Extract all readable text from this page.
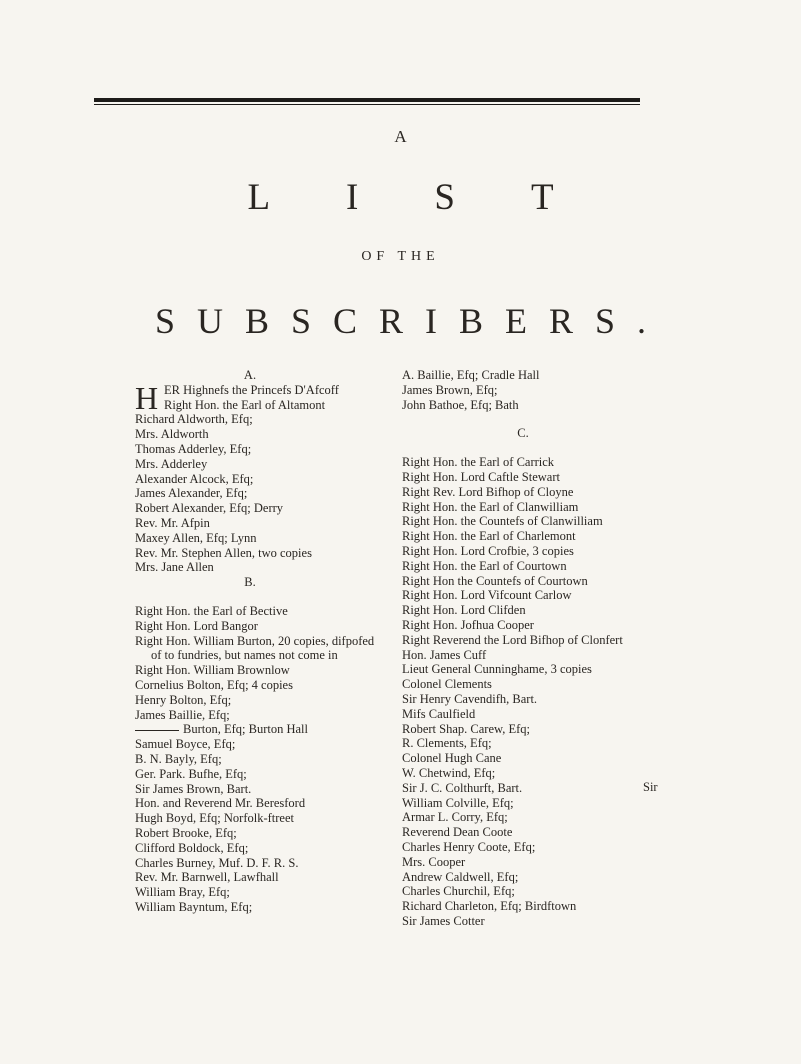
A
LIST
OF THE
SUBSCRIBERS.
A.
H ER Highnefs the Princefs D'Afcoff
Right Hon. the Earl of Altamont
Richard Aldworth, Efq;
Mrs. Aldworth
Thomas Adderley, Efq;
Mrs. Adderley
Alexander Alcock, Efq;
James Alexander, Efq;
Robert Alexander, Efq; Derry
Rev. Mr. Afpin
Maxey Allen, Efq; Lynn
Rev. Mr. Stephen Allen, two copies
Mrs. Jane Allen
B.
Right Hon. the Earl of Bective
Right Hon. Lord Bangor
Right Hon. William Burton, 20 copies, difpofed
of to fundries, but names not come in
Right Hon. William Brownlow
Cornelius Bolton, Efq; 4 copies
Henry Bolton, Efq;
James Baillie, Efq;
Burton, Efq; Burton Hall
Samuel Boyce, Efq;
B. N. Bayly, Efq;
Ger. Park. Bufhe, Efq;
Sir James Brown, Bart.
Hon. and Reverend Mr. Beresford
Hugh Boyd, Efq; Norfolk-ftreet
Robert Brooke, Efq;
Clifford Boldock, Efq;
Charles Burney, Muf. D. F. R. S.
Rev. Mr. Barnwell, Lawfhall
William Bray, Efq;
William Bayntum, Efq;
A. Baillie, Efq; Cradle Hall
James Brown, Efq;
John Bathoe, Efq; Bath
C.
Right Hon. the Earl of Carrick
Right Hon. Lord Caftle Stewart
Right Rev. Lord Bifhop of Cloyne
Right Hon. the Earl of Clanwilliam
Right Hon. the Countefs of Clanwilliam
Right Hon. the Earl of Charlemont
Right Hon. Lord Crofbie, 3 copies
Right Hon. the Earl of Courtown
Right Hon the Countefs of Courtown
Right Hon. Lord Vifcount Carlow
Right Hon. Lord Clifden
Right Hon. Jofhua Cooper
Right Reverend the Lord Bifhop of Clonfert
Hon. James Cuff
Lieut General Cunninghame, 3 copies
Colonel Clements
Sir Henry Cavendifh, Bart.
Mifs Caulfield
Robert Shap. Carew, Efq;
R. Clements, Efq;
Colonel Hugh Cane
W. Chetwind, Efq;
Sir J. C. Colthurft, Bart.
William Colville, Efq;
Armar L. Corry, Efq;
Reverend Dean Coote
Charles Henry Coote, Efq;
Mrs. Cooper
Andrew Caldwell, Efq;
Charles Churchil, Efq;
Richard Charleton, Efq; Birdftown
Sir James Cotter
Sir
